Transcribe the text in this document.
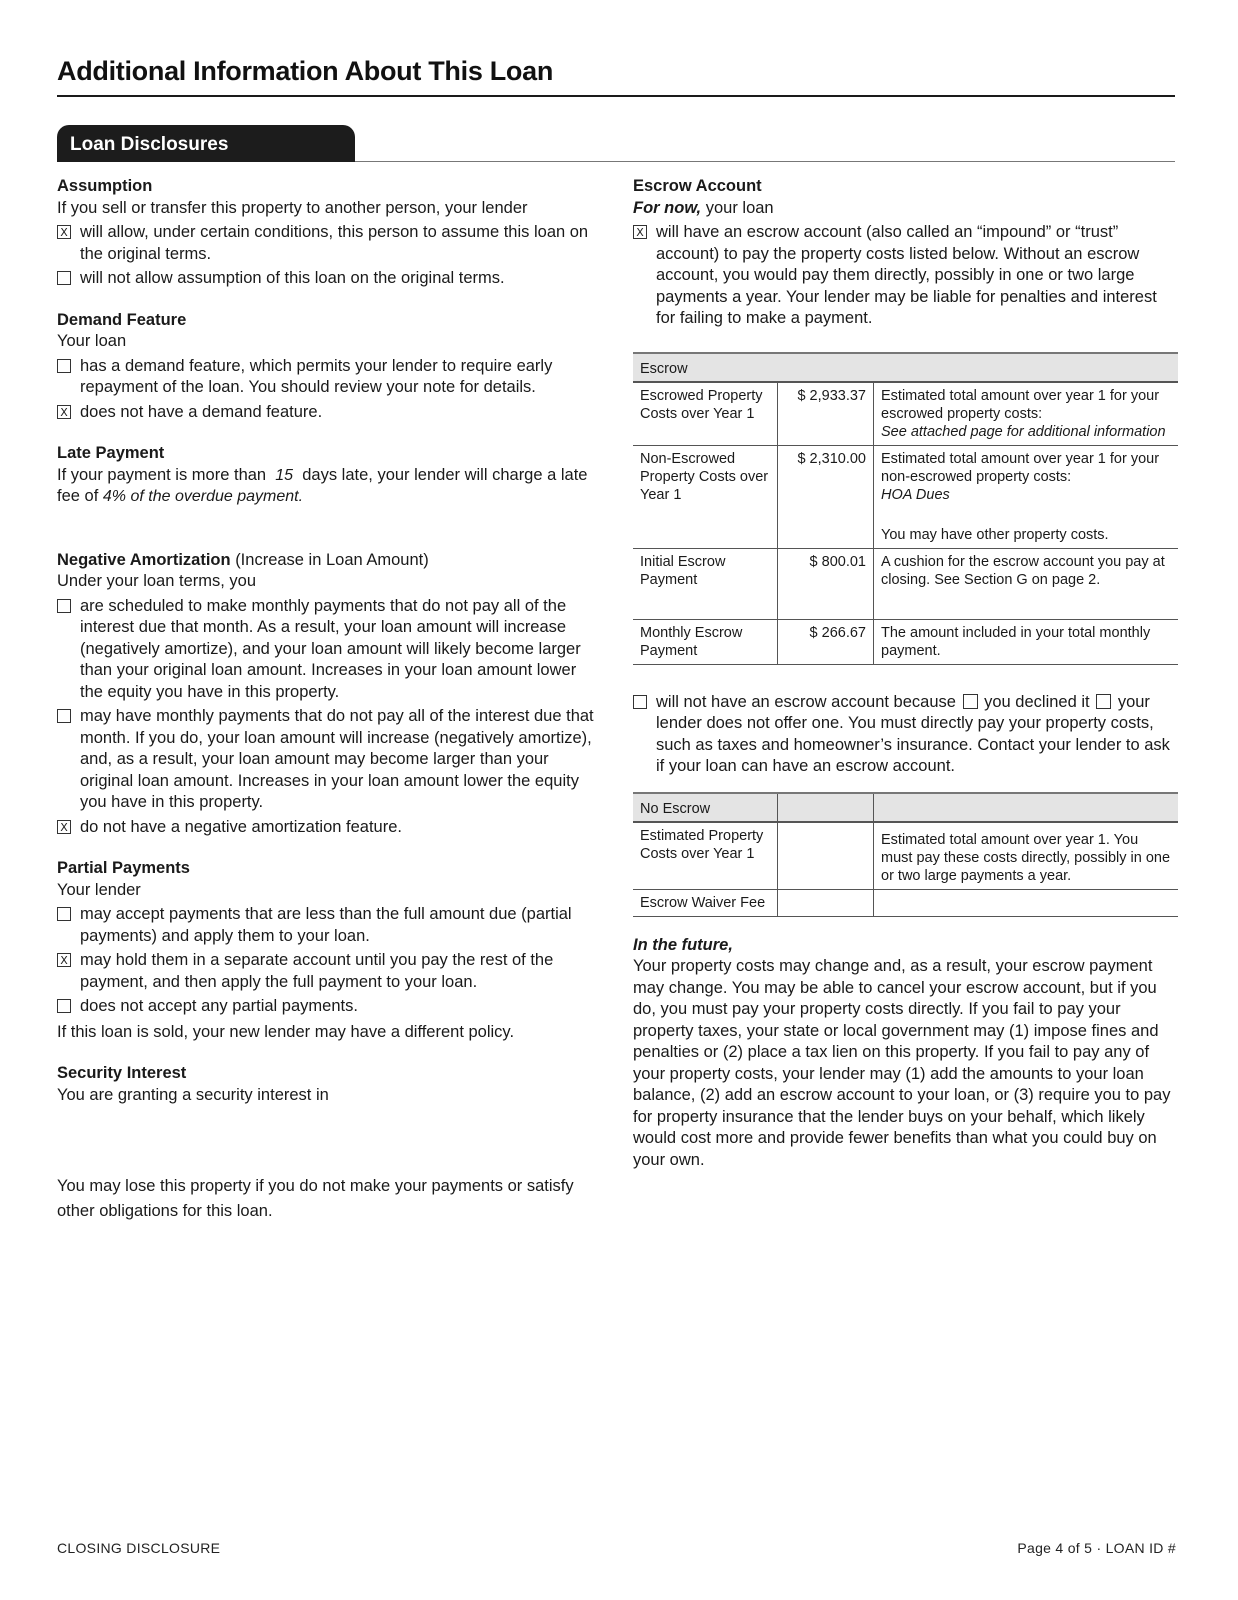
Additional Information About This Loan
Loan Disclosures
Assumption

If you sell or transfer this property to another person, your lender

X will allow, under certain conditions, this person to assume this loan on the original terms.
will not allow assumption of this loan on the original terms.
Demand Feature

Your loan

has a demand feature, which permits your lender to require early repayment of the loan. You should review your note for details.
X does not have a demand feature.
Late Payment

If your payment is more than 15 days late, your lender will charge a late fee of 4% of the overdue payment.

Negative Amortization (Increase in Loan Amount)

Under your loan terms, you

are scheduled to make monthly payments that do not pay all of the interest due that month. As a result, your loan amount will increase (negatively amortize), and your loan amount will likely become larger than your original loan amount. Increases in your loan amount lower the equity you have in this property.
may have monthly payments that do not pay all of the interest due that month. If you do, your loan amount will increase (negatively amortize), and, as a result, your loan amount may become larger than your original loan amount. Increases in your loan amount lower the equity you have in this property.
X do not have a negative amortization feature.
Partial Payments

Your lender

may accept payments that are less than the full amount due (partial payments) and apply them to your loan.
X may hold them in a separate account until you pay the rest of the payment, and then apply the full payment to your loan.
does not accept any partial payments.

If this loan is sold, your new lender may have a different policy.

Security Interest

You are granting a security interest in

You may lose this property if you do not make your payments or satisfy other obligations for this loan.

Escrow Account

For now, your loan

X will have an escrow account (also called an “impound” or “trust” account) to pay the property costs listed below. Without an escrow account, you would pay them directly, possibly in one or two large payments a year. Your lender may be liable for penalties and interest for failing to make a payment.
Escrow		
Escrowed Property Costs over Year 1	$ 2,933.37	Estimated total amount over year 1 for your escrowed property costs:
See attached page for additional information
Non-Escrowed Property Costs over Year 1	$ 2,310.00	Estimated total amount over year 1 for your non-escrowed property costs:
HOA Dues
You may have other property costs.

Initial Escrow Payment	$ 800.01	A cushion for the escrow account you pay at closing. See Section G on page 2.
Monthly Escrow Payment	$ 266.67	The amount included in your total monthly payment.
will not have an escrow account because you declined it your lender does not offer one. You must directly pay your property costs, such as taxes and homeowner’s insurance. Contact your lender to ask if your loan can have an escrow account.
No Escrow		
Estimated Property Costs over Year 1		Estimated total amount over year 1. You must pay these costs directly, possibly in one or two large payments a year.
Escrow Waiver Fee		
In the future,

Your property costs may change and, as a result, your escrow payment may change. You may be able to cancel your escrow account, but if you do, you must pay your property costs directly. If you fail to pay your property taxes, your state or local government may (1) impose fines and penalties or (2) place a tax lien on this property. If you fail to pay any of your property costs, your lender may (1) add the amounts to your loan balance, (2) add an escrow account to your loan, or (3) require you to pay for property insurance that the lender buys on your behalf, which likely would cost more and provide fewer benefits than what you could buy on your own.

CLOSING DISCLOSURE	Page 4 of 5 · LOAN ID #
